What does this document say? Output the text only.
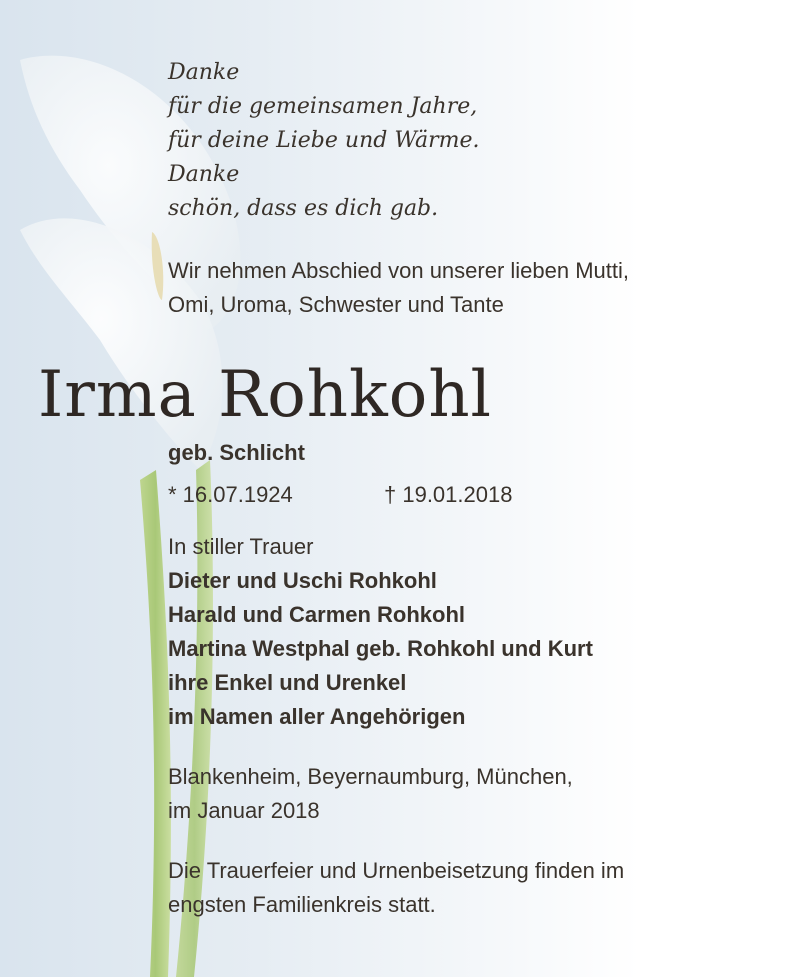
Danke
für die gemeinsamen Jahre,
für deine Liebe und Wärme.
Danke
schön, dass es dich gab.
Wir nehmen Abschied von unserer lieben Mutti,
Omi, Uroma, Schwester und Tante
Irma Rohkohl
geb. Schlicht
* 16.07.1924	† 19.01.2018
In stiller Trauer
Dieter und Uschi Rohkohl
Harald und Carmen Rohkohl
Martina Westphal geb. Rohkohl und Kurt
ihre Enkel und Urenkel
im Namen aller Angehörigen
Blankenheim, Beyernaumburg, München,
im Januar 2018
Die Trauerfeier und Urnenbeisetzung finden im
engsten Familienkreis statt.
